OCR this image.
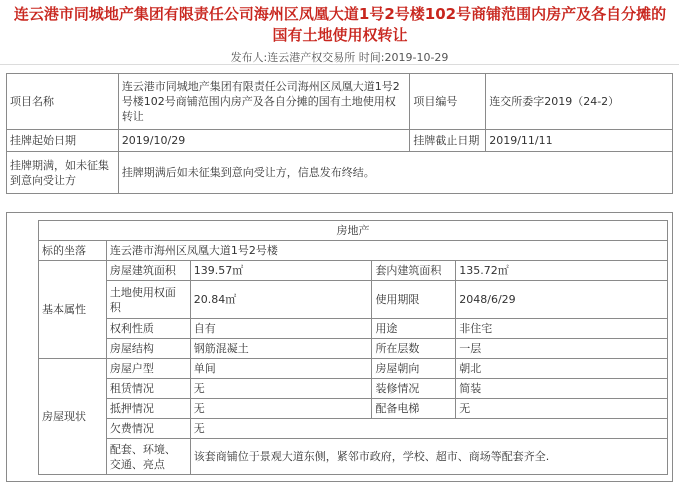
连云港市同城地产集团有限责任公司海州区凤凰大道1号2号楼102号商铺范围内房产及各自分摊的国有土地使用权转让
发布人:连云港产权交易所 时间:2019-10-29
项目名称	连云港市同城地产集团有限责任公司海州区凤凰大道1号2号楼102号商铺范围内房产及各自分摊的国有土地使用权转让	项目编号	连交所委字2019（24-2）
挂牌起始日期	2019/10/29	挂牌截止日期	2019/11/11
挂牌期满，如未征集到意向受让方	挂牌期满后如未征集到意向受让方，信息发布终结。		
房地产				
标的坐落	连云港市海州区凤凰大道1号2号楼			
基本属性	房屋建筑面积	139.57㎡	套内建筑面积	135.72㎡
	土地使用权面积	20.84㎡	使用期限	2048/6/29
	权利性质	自有	用途	非住宅
	房屋结构	钢筋混凝土	所在层数	一层
房屋现状	房屋户型	单间	房屋朝向	朝北
	租赁情况	无	装修情况	简装
	抵押情况	无	配备电梯	无
	欠费情况	无		
	配套、环境、交通、亮点	该套商铺位于景观大道东侧，紧邻市政府，学校、超市、商场等配套齐全.		
